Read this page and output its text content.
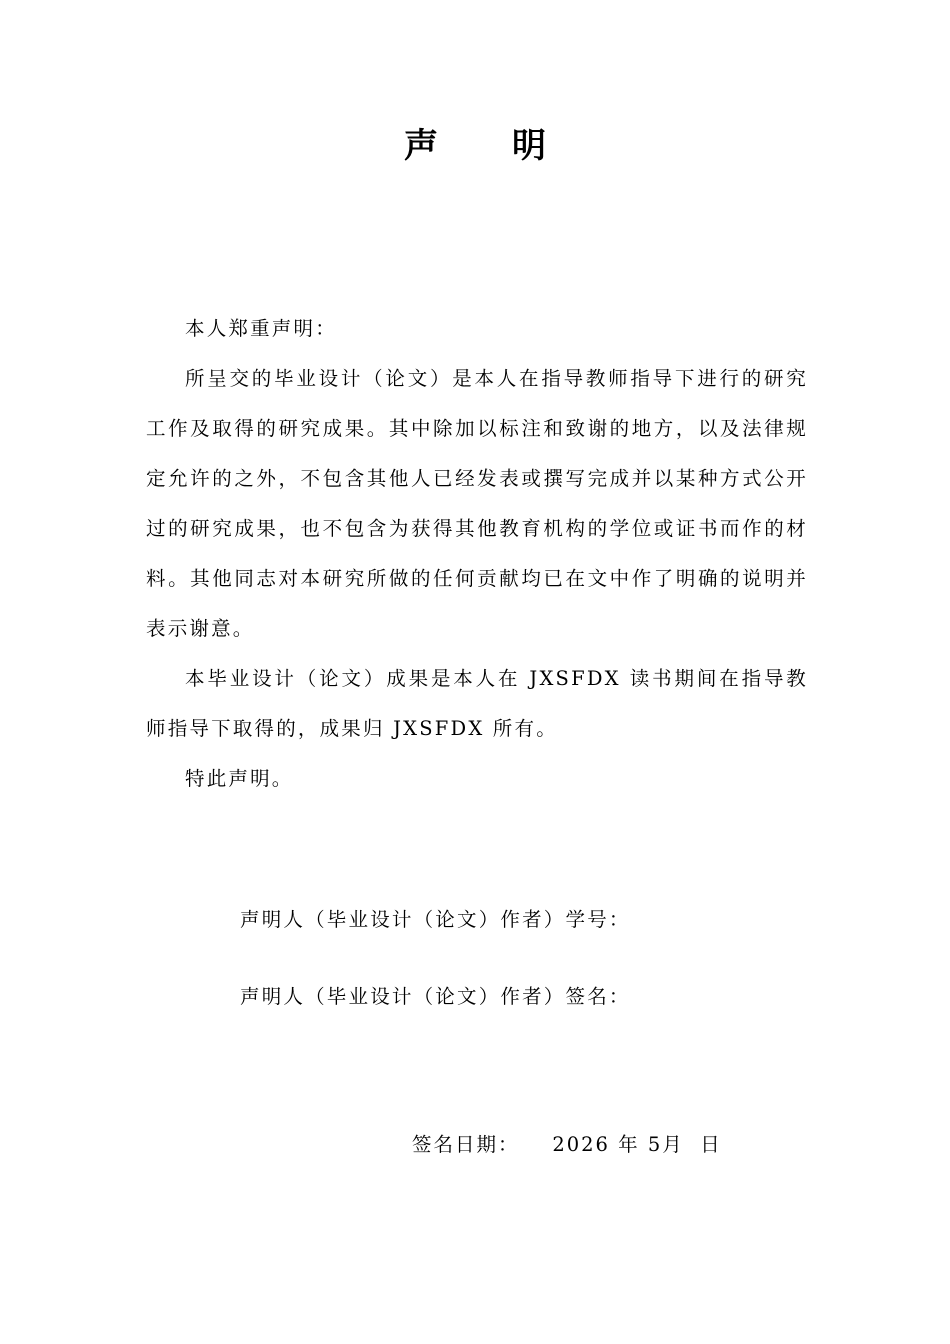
声 明

本人郑重声明：

所呈交的毕业设计（论文）是本人在指导教师指导下进行的研究工作及取得的研究成果。其中除加以标注和致谢的地方，以及法律规定允许的之外，不包含其他人已经发表或撰写完成并以某种方式公开过的研究成果，也不包含为获得其他教育机构的学位或证书而作的材料。其他同志对本研究所做的任何贡献均已在文中作了明确的说明并表示谢意。

本毕业设计（论文）成果是本人在 JXSFDX 读书期间在指导教师指导下取得的，成果归 JXSFDX 所有。

特此声明。

声明人（毕业设计（论文）作者）学号：
声明人（毕业设计（论文）作者）签名：
签名日期： 2026 年 5月 日
